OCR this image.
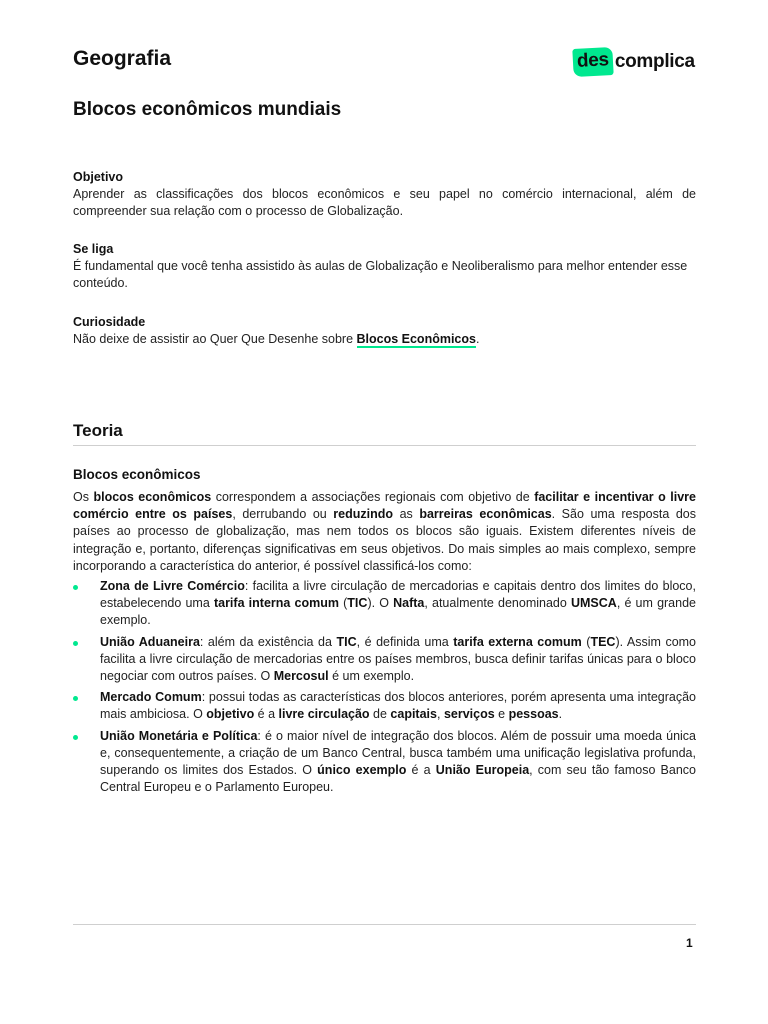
Geografia	des complica
Blocos econômicos mundiais
Objetivo
Aprender as classificações dos blocos econômicos e seu papel no comércio internacional, além de compreender sua relação com o processo de Globalização.
Se liga
É fundamental que você tenha assistido às aulas de Globalização e Neoliberalismo para melhor entender esse conteúdo.
Curiosidade
Não deixe de assistir ao Quer Que Desenhe sobre Blocos Econômicos.
Teoria
Blocos econômicos

Os blocos econômicos correspondem a associações regionais com objetivo de facilitar e incentivar o livre comércio entre os países, derrubando ou reduzindo as barreiras econômicas. São uma resposta dos países ao processo de globalização, mas nem todos os blocos são iguais. Existem diferentes níveis de integração e, portanto, diferenças significativas em seus objetivos. Do mais simples ao mais complexo, sempre incorporando a característica do anterior, é possível classificá-los como:

Zona de Livre Comércio: facilita a livre circulação de mercadorias e capitais dentro dos limites do bloco, estabelecendo uma tarifa interna comum (TIC). O Nafta, atualmente denominado UMSCA, é um grande exemplo.
União Aduaneira: além da existência da TIC, é definida uma tarifa externa comum (TEC). Assim como facilita a livre circulação de mercadorias entre os países membros, busca definir tarifas únicas para o bloco negociar com outros países. O Mercosul é um exemplo.
Mercado Comum: possui todas as características dos blocos anteriores, porém apresenta uma integração mais ambiciosa. O objetivo é a livre circulação de capitais, serviços e pessoas.
União Monetária e Política: é o maior nível de integração dos blocos. Além de possuir uma moeda única e, consequentemente, a criação de um Banco Central, busca também uma unificação legislativa profunda, superando os limites dos Estados. O único exemplo é a União Europeia, com seu tão famoso Banco Central Europeu e o Parlamento Europeu.
1
